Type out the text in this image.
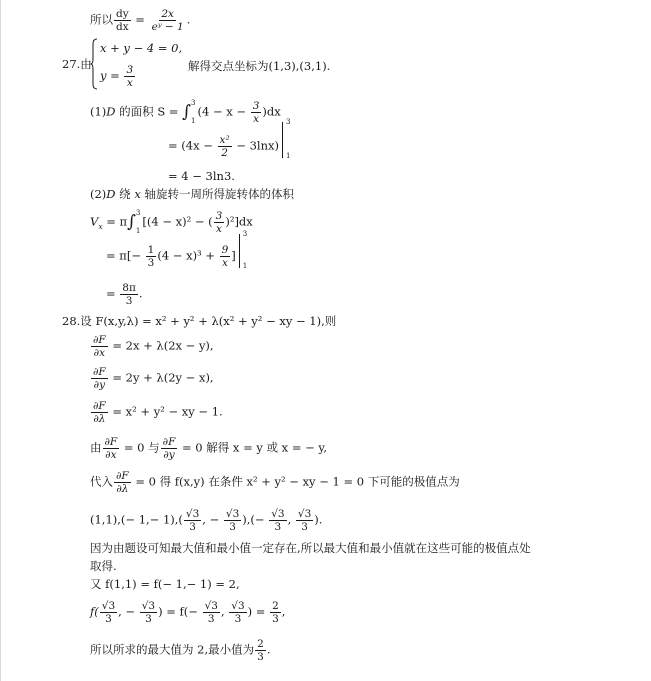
所以 $\frac{dy}{dx} = \frac{2x}{\text{eʸ − 1}}$ .
27.由
x + y − 4 = 0,
$y = \frac{3}{x}$	解得交点坐标为(1,3),(3,1).
(1)D 的面积 S = ∫ 3
1
$(4 - x - \frac{3}{x} )dx$
= $(4x - \frac{\text{x²}}{2} - 3\ln x)$
3
1
= 4 − 3ln3.
(2)D 绕 x 轴旋转一周所得旋转体的体积
$V_x = \pi\int$ 3
1
[(4 − x)² − ( $\frac{3}{x} )^2]dx$
= $\pi[- \frac{1}{3} (4 - x)^3 + \frac{9}{x}$ ]
3
1
= $\frac{8\pi}{3}$ .
28.设 F(x,y,λ) = x² + y² + λ(x² + y² − xy − 1),则
$\frac{\partial F}{\partial x} = 2x + \lambda(2x - y)$,
$\frac{\partial F}{\partial y} = 2y + \lambda(2y - x)$,
$\frac{\partial F}{\partial\lambda} = x^2 + y^2$ − xy − 1.
由 $\frac{\partial F}{\partial x} = 0$ 与 $\frac{\partial F}{\partial y} = 0$ 解得 x = y 或 x = − y,
代入 $\frac{\partial F}{\partial\lambda} = 0$ 得 f(x,y) 在条件 x² + y² − xy − 1 = 0 下可能的极值点为
$(1,1),(- 1,- 1),( \frac{√3}{3}$ , − $\frac{√3}{3}$ ),(− $\frac{√3}{3}$ , $\frac{√3}{3}$ ).
因为由题设可知最大值和最小值一定存在,所以最大值和最小值就在这些可能的极值点处
取得.
又 f(1,1) = f(− 1,− 1) = 2,
$f( \frac{√3}{3}$ , − $\frac{√3}{3}$ ) = $f(- \frac{√3}{3}$ , $\frac{√3}{3}$ ) = $\frac{2}{3}$ ,
所以所求的最大值为 2,最小值为 $\frac{2}{3}$ .
